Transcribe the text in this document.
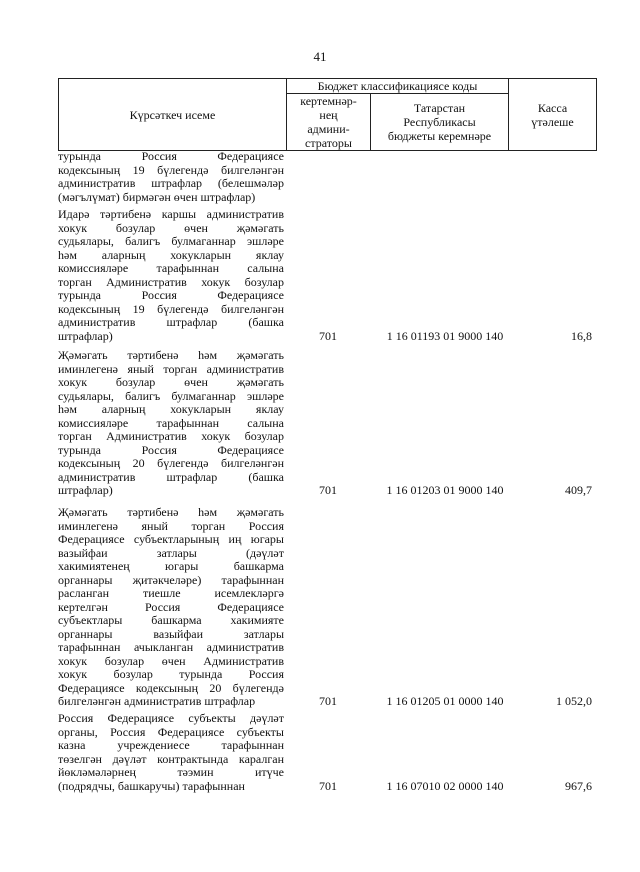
41
Күрсәткеч исеме	Бюджет классификациясе коды		Касса
үтәлеше
	кертемнәр-
нең
админи-
страторы	Татарстан
Республикасы
бюджеты керемнәре	
турында Россия Федерациясе
кодексының 19 бүлегендә билгеләнгән
административ штрафлар (белешмәләр
(мәгълүмат) бирмәгән өчен штрафлар)
Идарә тәртибенә каршы административ
хокук бозулар өчен җәмәгать
судьялары, балигъ булмаганнар эшләре
һәм аларның хокукларын яклау
комиссияләре тарафыннан салына
торган Административ хокук бозулар
турында Россия Федерациясе
кодексының 19 бүлегендә билгеләнгән
административ штрафлар (башка
штрафлар)	701	1 16 01193 01 9000 140	16,8
Җәмәгать тәртибенә һәм җәмәгать
иминлегенә яный торган административ
хокук бозулар өчен җәмәгать
судьялары, балигъ булмаганнар эшләре
һәм аларның хокукларын яклау
комиссияләре тарафыннан салына
торган Административ хокук бозулар
турында Россия Федерациясе
кодексының 20 бүлегендә билгеләнгән
административ штрафлар (башка
штрафлар)	701	1 16 01203 01 9000 140	409,7
Җәмәгать тәртибенә һәм җәмәгать
иминлегенә яный торган Россия
Федерациясе субъектларының иң югары
вазыйфаи затлары (дәүләт
хакимиятенең югары башкарма
органнары җитәкчеләре) тарафыннан
расланган тиешле исемлекләргә
кертелгән Россия Федерациясе
субъектлары башкарма хакимияте
органнары вазыйфаи затлары
тарафыннан ачыкланган административ
хокук бозулар өчен Административ
хокук бозулар турында Россия
Федерациясе кодексының 20 бүлегендә
билгеләнгән административ штрафлар	701	1 16 01205 01 0000 140	1 052,0
Россия Федерациясе субъекты дәүләт
органы, Россия Федерациясе субъекты
казна учреждениесе тарафыннан
төзелгән дәүләт контрактында каралган
йөкләмәләрнең тәэмин итүче
(подрядчы, башкаручы) тарафыннан	701	1 16 07010 02 0000 140	967,6
